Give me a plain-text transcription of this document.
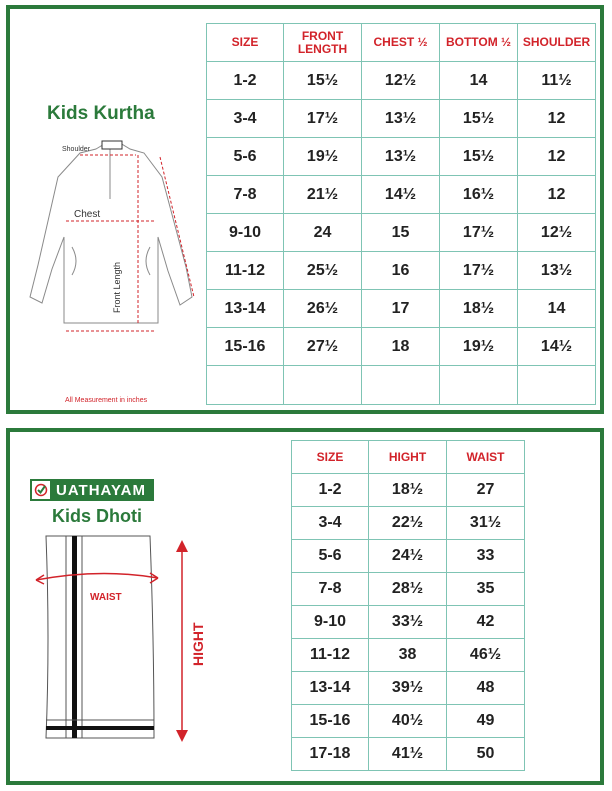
Kids Kurtha
Shoulder
Chest
Front Length
All Measurement in inches
SIZE	FRONT LENGTH	CHEST ½	BOTTOM ½	SHOULDER
1-2	15½	12½	14	11½
3-4	17½	13½	15½	12
5-6	19½	13½	15½	12
7-8	21½	14½	16½	12
9-10	24	15	17½	12½
11-12	25½	16	17½	13½
13-14	26½	17	18½	14
15-16	27½	18	19½	14½

UATHAYAM
Kids Dhoti
WAIST
HIGHT
SIZE	HIGHT	WAIST
1-2	18½	27
3-4	22½	31½
5-6	24½	33
7-8	28½	35
9-10	33½	42
11-12	38	46½
13-14	39½	48
15-16	40½	49
17-18	41½	50
